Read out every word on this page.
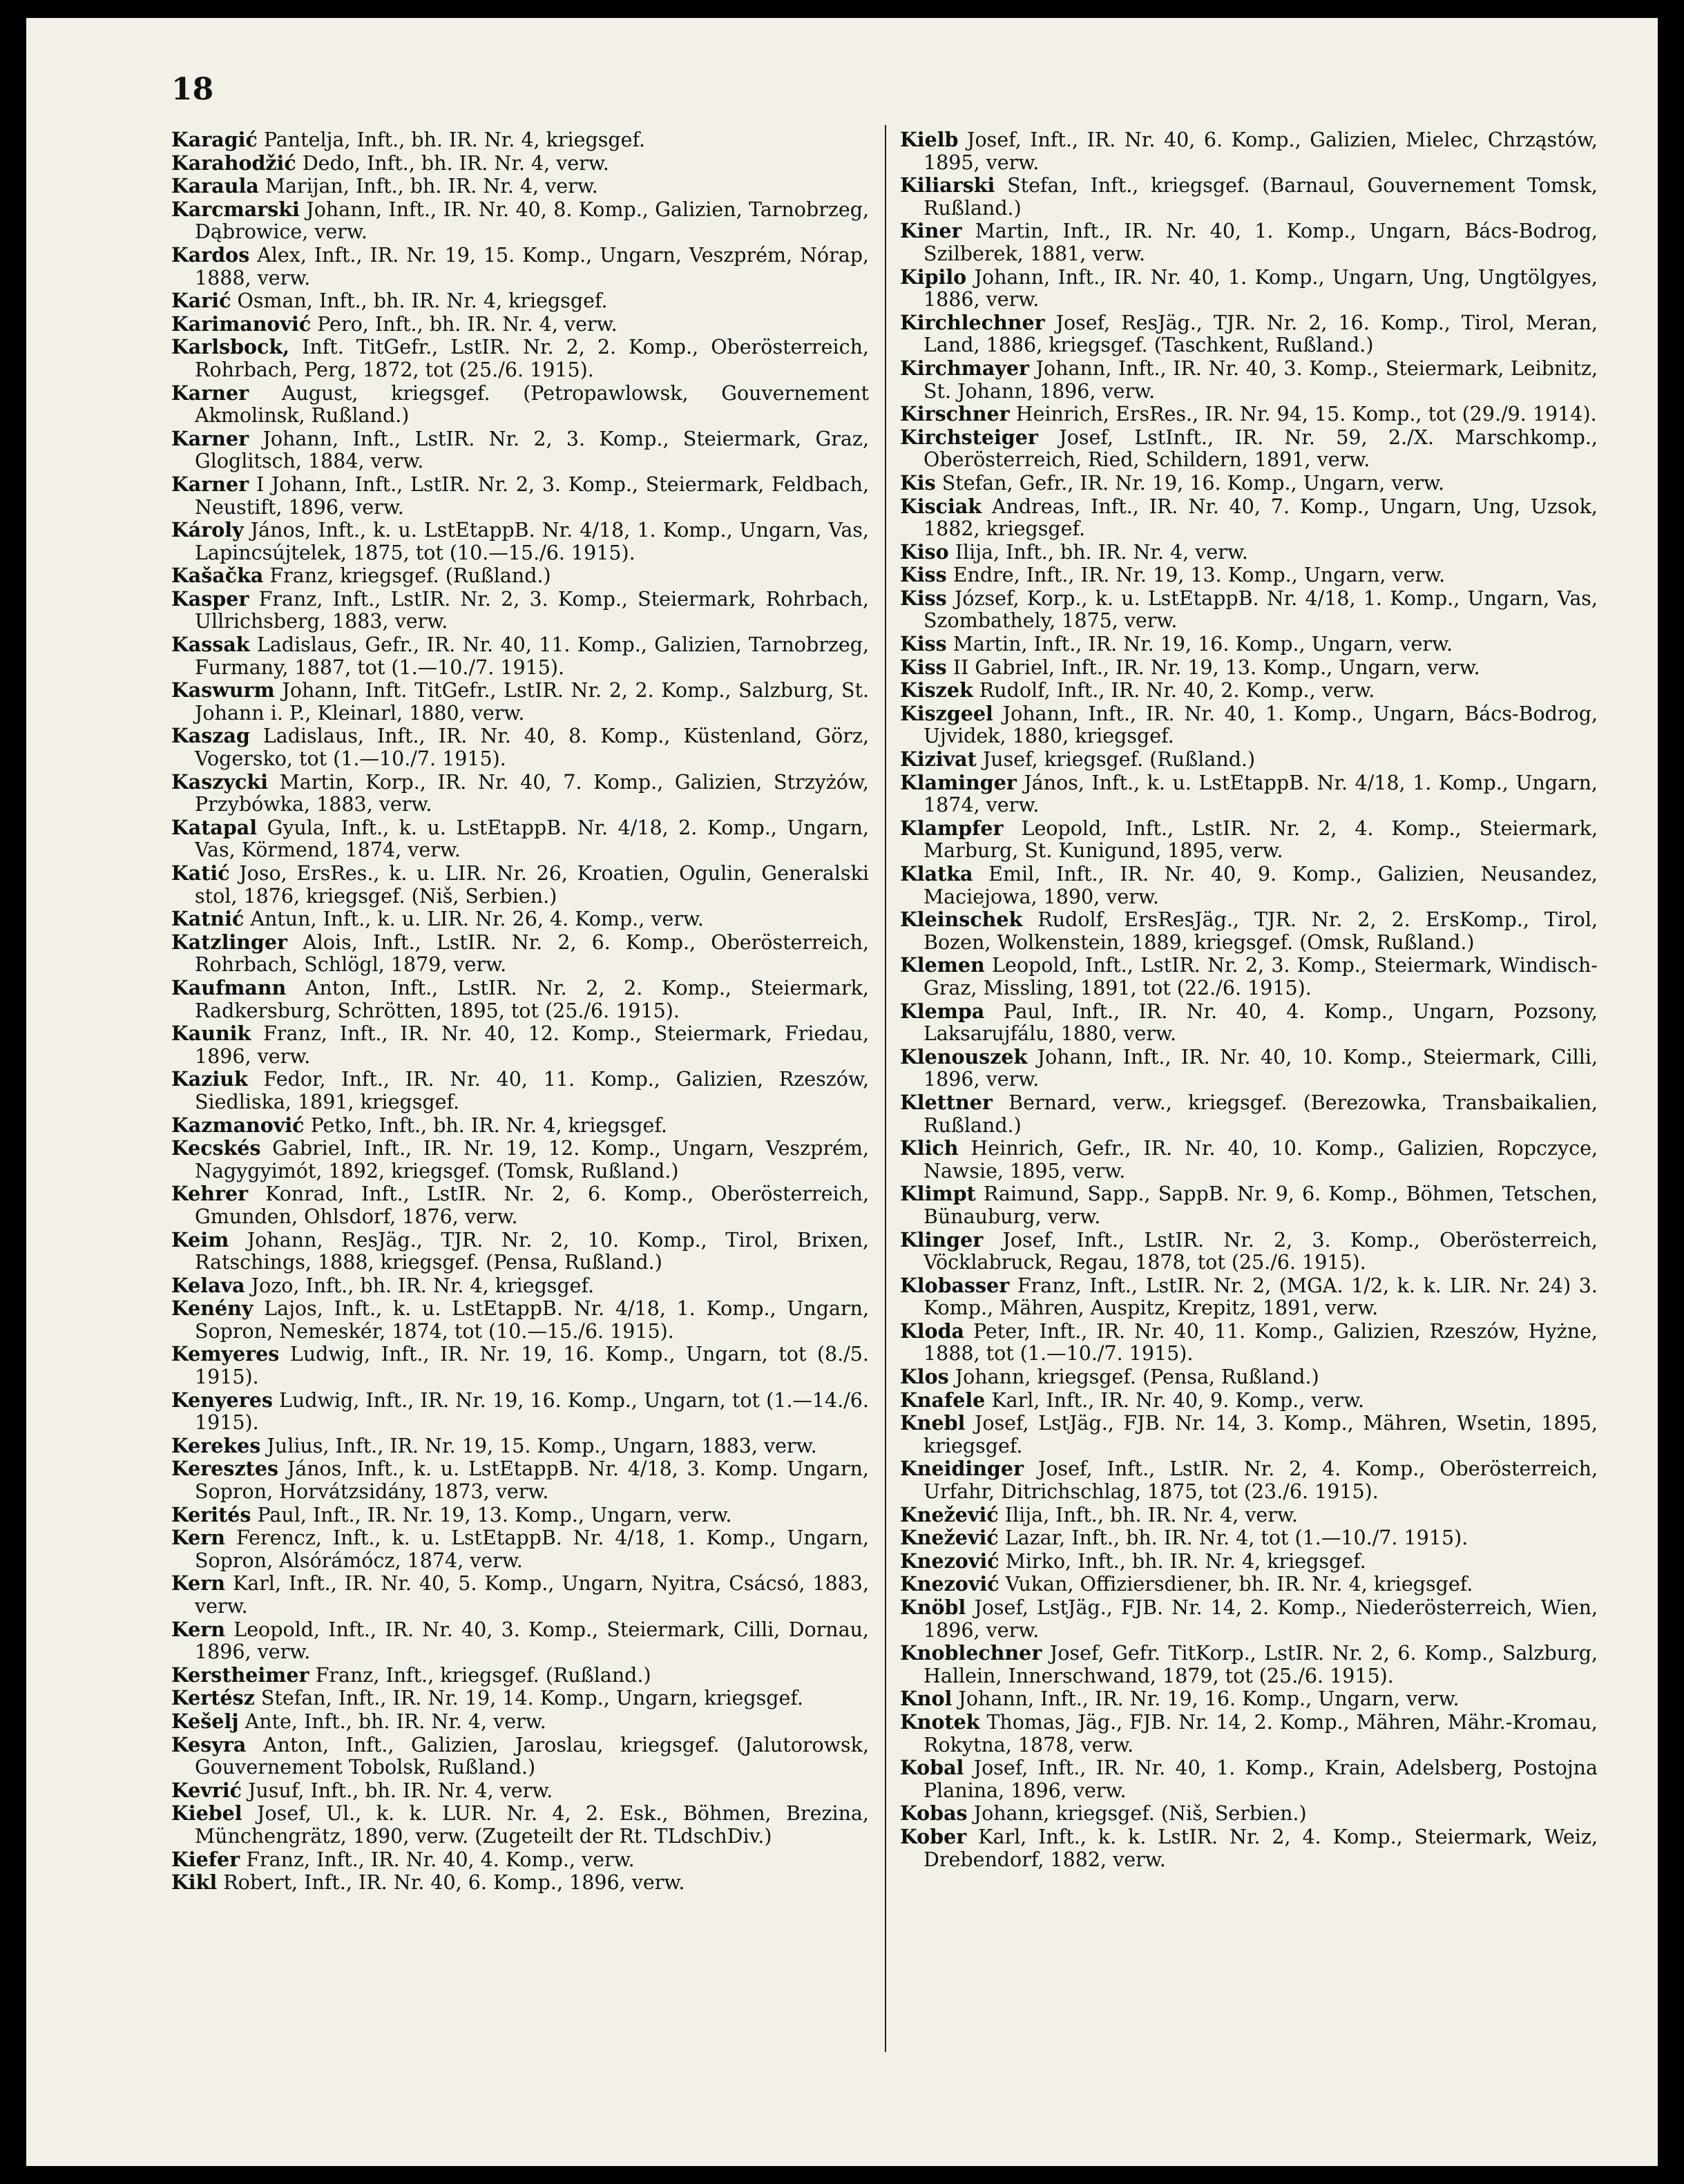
18

Karagić Pantelja, Inft., bh. IR. Nr. 4, kriegsgef.

Karahodžić Dedo, Inft., bh. IR. Nr. 4, verw.

Karaula Marijan, Inft., bh. IR. Nr. 4, verw.

Karcmarski Johann, Inft., IR. Nr. 40, 8. Komp., Galizien, Tarnobrzeg, Dąbrowice, verw.

Kardos Alex, Inft., IR. Nr. 19, 15. Komp., Ungarn, Veszprém, Nórap, 1888, verw.

Karić Osman, Inft., bh. IR. Nr. 4, kriegsgef.

Karimanović Pero, Inft., bh. IR. Nr. 4, verw.

Karlsbock, Inft. TitGefr., LstIR. Nr. 2, 2. Komp., Oberösterreich, Rohrbach, Perg, 1872, tot (25./6. 1915).

Karner August, kriegsgef. (Petropawlowsk, Gouvernement Akmolinsk, Rußland.)

Karner Johann, Inft., LstIR. Nr. 2, 3. Komp., Steiermark, Graz, Gloglitsch, 1884, verw.

Karner I Johann, Inft., LstIR. Nr. 2, 3. Komp., Steiermark, Feldbach, Neustift, 1896, verw.

Károly János, Inft., k. u. LstEtappB. Nr. 4/18, 1. Komp., Ungarn, Vas, Lapincsújtelek, 1875, tot (10.—15./6. 1915).

Kašačka Franz, kriegsgef. (Rußland.)

Kasper Franz, Inft., LstIR. Nr. 2, 3. Komp., Steiermark, Rohrbach, Ullrichsberg, 1883, verw.

Kassak Ladislaus, Gefr., IR. Nr. 40, 11. Komp., Galizien, Tarnobrzeg, Furmany, 1887, tot (1.—10./7. 1915).

Kaswurm Johann, Inft. TitGefr., LstIR. Nr. 2, 2. Komp., Salzburg, St. Johann i. P., Kleinarl, 1880, verw.

Kaszag Ladislaus, Inft., IR. Nr. 40, 8. Komp., Küstenland, Görz, Vogersko, tot (1.—10./7. 1915).

Kaszycki Martin, Korp., IR. Nr. 40, 7. Komp., Galizien, Strzyżów, Przybówka, 1883, verw.

Katapal Gyula, Inft., k. u. LstEtappB. Nr. 4/18, 2. Komp., Ungarn, Vas, Körmend, 1874, verw.

Katić Joso, ErsRes., k. u. LIR. Nr. 26, Kroatien, Ogulin, Generalski stol, 1876, kriegsgef. (Niš, Serbien.)

Katnić Antun, Inft., k. u. LIR. Nr. 26, 4. Komp., verw.

Katzlinger Alois, Inft., LstIR. Nr. 2, 6. Komp., Oberösterreich, Rohrbach, Schlögl, 1879, verw.

Kaufmann Anton, Inft., LstIR. Nr. 2, 2. Komp., Steiermark, Radkersburg, Schrötten, 1895, tot (25./6. 1915).

Kaunik Franz, Inft., IR. Nr. 40, 12. Komp., Steiermark, Friedau, 1896, verw.

Kaziuk Fedor, Inft., IR. Nr. 40, 11. Komp., Galizien, Rzeszów, Siedliska, 1891, kriegsgef.

Kazmanović Petko, Inft., bh. IR. Nr. 4, kriegsgef.

Kecskés Gabriel, Inft., IR. Nr. 19, 12. Komp., Ungarn, Veszprém, Nagygyimót, 1892, kriegsgef. (Tomsk, Rußland.)

Kehrer Konrad, Inft., LstIR. Nr. 2, 6. Komp., Oberösterreich, Gmunden, Ohlsdorf, 1876, verw.

Keim Johann, ResJäg., TJR. Nr. 2, 10. Komp., Tirol, Brixen, Ratschings, 1888, kriegsgef. (Pensa, Rußland.)

Kelava Jozo, Inft., bh. IR. Nr. 4, kriegsgef.

Kenény Lajos, Inft., k. u. LstEtappB. Nr. 4/18, 1. Komp., Ungarn, Sopron, Nemeskér, 1874, tot (10.—15./6. 1915).

Kemyeres Ludwig, Inft., IR. Nr. 19, 16. Komp., Ungarn, tot (8./5. 1915).

Kenyeres Ludwig, Inft., IR. Nr. 19, 16. Komp., Ungarn, tot (1.—14./6. 1915).

Kerekes Julius, Inft., IR. Nr. 19, 15. Komp., Ungarn, 1883, verw.

Keresztes János, Inft., k. u. LstEtappB. Nr. 4/18, 3. Komp. Ungarn, Sopron, Horvátzsidány, 1873, verw.

Kerités Paul, Inft., IR. Nr. 19, 13. Komp., Ungarn, verw.

Kern Ferencz, Inft., k. u. LstEtappB. Nr. 4/18, 1. Komp., Ungarn, Sopron, Alsórámócz, 1874, verw.

Kern Karl, Inft., IR. Nr. 40, 5. Komp., Ungarn, Nyitra, Csácsó, 1883, verw.

Kern Leopold, Inft., IR. Nr. 40, 3. Komp., Steiermark, Cilli, Dornau, 1896, verw.

Kerstheimer Franz, Inft., kriegsgef. (Rußland.)

Kertész Stefan, Inft., IR. Nr. 19, 14. Komp., Ungarn, kriegsgef.

Kešelj Ante, Inft., bh. IR. Nr. 4, verw.

Kesyra Anton, Inft., Galizien, Jaroslau, kriegsgef. (Jalutorowsk, Gouvernement Tobolsk, Rußland.)

Kevrić Jusuf, Inft., bh. IR. Nr. 4, verw.

Kiebel Josef, Ul., k. k. LUR. Nr. 4, 2. Esk., Böhmen, Brezina, Münchengrätz, 1890, verw. (Zugeteilt der Rt. TLdschDiv.)

Kiefer Franz, Inft., IR. Nr. 40, 4. Komp., verw.

Kikl Robert, Inft., IR. Nr. 40, 6. Komp., 1896, verw.

Kielb Josef, Inft., IR. Nr. 40, 6. Komp., Galizien, Mielec, Chrząstów, 1895, verw.

Kiliarski Stefan, Inft., kriegsgef. (Barnaul, Gouvernement Tomsk, Rußland.)

Kiner Martin, Inft., IR. Nr. 40, 1. Komp., Ungarn, Bács-Bodrog, Szilberek, 1881, verw.

Kipilo Johann, Inft., IR. Nr. 40, 1. Komp., Ungarn, Ung, Ungtölgyes, 1886, verw.

Kirchlechner Josef, ResJäg., TJR. Nr. 2, 16. Komp., Tirol, Meran, Land, 1886, kriegsgef. (Taschkent, Rußland.)

Kirchmayer Johann, Inft., IR. Nr. 40, 3. Komp., Steiermark, Leibnitz, St. Johann, 1896, verw.

Kirschner Heinrich, ErsRes., IR. Nr. 94, 15. Komp., tot (29./9. 1914).

Kirchsteiger Josef, LstInft., IR. Nr. 59, 2./X. Marschkomp., Oberösterreich, Ried, Schildern, 1891, verw.

Kis Stefan, Gefr., IR. Nr. 19, 16. Komp., Ungarn, verw.

Kisciak Andreas, Inft., IR. Nr. 40, 7. Komp., Ungarn, Ung, Uzsok, 1882, kriegsgef.

Kiso Ilija, Inft., bh. IR. Nr. 4, verw.

Kiss Endre, Inft., IR. Nr. 19, 13. Komp., Ungarn, verw.

Kiss József, Korp., k. u. LstEtappB. Nr. 4/18, 1. Komp., Ungarn, Vas, Szombathely, 1875, verw.

Kiss Martin, Inft., IR. Nr. 19, 16. Komp., Ungarn, verw.

Kiss II Gabriel, Inft., IR. Nr. 19, 13. Komp., Ungarn, verw.

Kiszek Rudolf, Inft., IR. Nr. 40, 2. Komp., verw.

Kiszgeel Johann, Inft., IR. Nr. 40, 1. Komp., Ungarn, Bács-Bodrog, Ujvidek, 1880, kriegsgef.

Kizivat Jusef, kriegsgef. (Rußland.)

Klaminger János, Inft., k. u. LstEtappB. Nr. 4/18, 1. Komp., Ungarn, 1874, verw.

Klampfer Leopold, Inft., LstIR. Nr. 2, 4. Komp., Steiermark, Marburg, St. Kunigund, 1895, verw.

Klatka Emil, Inft., IR. Nr. 40, 9. Komp., Galizien, Neusandez, Maciejowa, 1890, verw.

Kleinschek Rudolf, ErsResJäg., TJR. Nr. 2, 2. ErsKomp., Tirol, Bozen, Wolkenstein, 1889, kriegsgef. (Omsk, Rußland.)

Klemen Leopold, Inft., LstIR. Nr. 2, 3. Komp., Steiermark, Windisch-Graz, Missling, 1891, tot (22./6. 1915).

Klempa Paul, Inft., IR. Nr. 40, 4. Komp., Ungarn, Pozsony, Laksarujfálu, 1880, verw.

Klenouszek Johann, Inft., IR. Nr. 40, 10. Komp., Steiermark, Cilli, 1896, verw.

Klettner Bernard, verw., kriegsgef. (Berezowka, Transbaikalien, Rußland.)

Klich Heinrich, Gefr., IR. Nr. 40, 10. Komp., Galizien, Ropczyce, Nawsie, 1895, verw.

Klimpt Raimund, Sapp., SappB. Nr. 9, 6. Komp., Böhmen, Tetschen, Bünauburg, verw.

Klinger Josef, Inft., LstIR. Nr. 2, 3. Komp., Oberösterreich, Vöcklabruck, Regau, 1878, tot (25./6. 1915).

Klobasser Franz, Inft., LstIR. Nr. 2, (MGA. 1/2, k. k. LIR. Nr. 24) 3. Komp., Mähren, Auspitz, Krepitz, 1891, verw.

Kloda Peter, Inft., IR. Nr. 40, 11. Komp., Galizien, Rzeszów, Hyżne, 1888, tot (1.—10./7. 1915).

Klos Johann, kriegsgef. (Pensa, Rußland.)

Knafele Karl, Inft., IR. Nr. 40, 9. Komp., verw.

Knebl Josef, LstJäg., FJB. Nr. 14, 3. Komp., Mähren, Wsetin, 1895, kriegsgef.

Kneidinger Josef, Inft., LstIR. Nr. 2, 4. Komp., Oberösterreich, Urfahr, Ditrichschlag, 1875, tot (23./6. 1915).

Knežević Ilija, Inft., bh. IR. Nr. 4, verw.

Knežević Lazar, Inft., bh. IR. Nr. 4, tot (1.—10./7. 1915).

Knezović Mirko, Inft., bh. IR. Nr. 4, kriegsgef.

Knezović Vukan, Offiziersdiener, bh. IR. Nr. 4, kriegsgef.

Knöbl Josef, LstJäg., FJB. Nr. 14, 2. Komp., Niederösterreich, Wien, 1896, verw.

Knoblechner Josef, Gefr. TitKorp., LstIR. Nr. 2, 6. Komp., Salzburg, Hallein, Innerschwand, 1879, tot (25./6. 1915).

Knol Johann, Inft., IR. Nr. 19, 16. Komp., Ungarn, verw.

Knotek Thomas, Jäg., FJB. Nr. 14, 2. Komp., Mähren, Mähr.-Kromau, Rokytna, 1878, verw.

Kobal Josef, Inft., IR. Nr. 40, 1. Komp., Krain, Adelsberg, Postojna Planina, 1896, verw.

Kobas Johann, kriegsgef. (Niš, Serbien.)

Kober Karl, Inft., k. k. LstIR. Nr. 2, 4. Komp., Steiermark, Weiz, Drebendorf, 1882, verw.
